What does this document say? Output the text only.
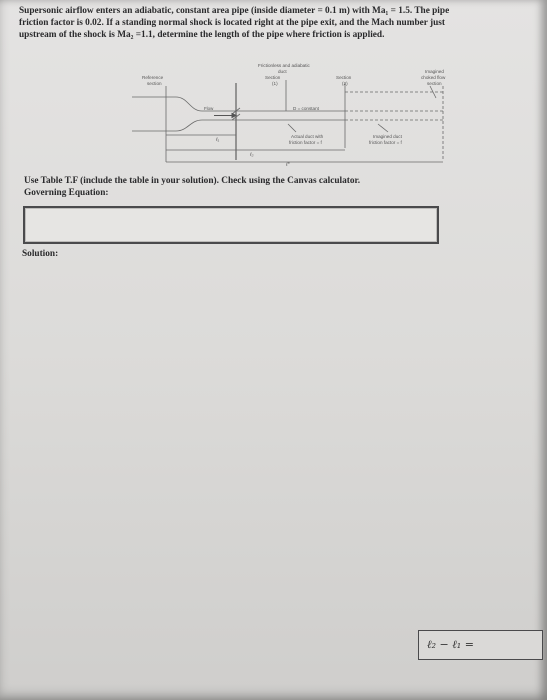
Supersonic airflow enters an adiabatic, constant area pipe (inside diameter = 0.1 m) with Ma₁ = 1.5. The pipe
friction factor is 0.02. If a standing normal shock is located right at the pipe exit, and the Mach number just
upstream of the shock is Ma₂ =1.1, determine the length of the pipe where friction is applied.
Frictionless and adiabatic
duct
Reference
section
Section
(1)
Section
(2)
Imagined
choked flow
section
Flow	D = constant
Actual duct with
friction factor = f
Imagined duct
friction factor = f
ℓ₁
ℓ₂
ℓ*
Use Table T.F (include the table in your solution). Check using the Canvas calculator.
Governing Equation:
Solution:
ℓ₂ − ℓ₁ =
